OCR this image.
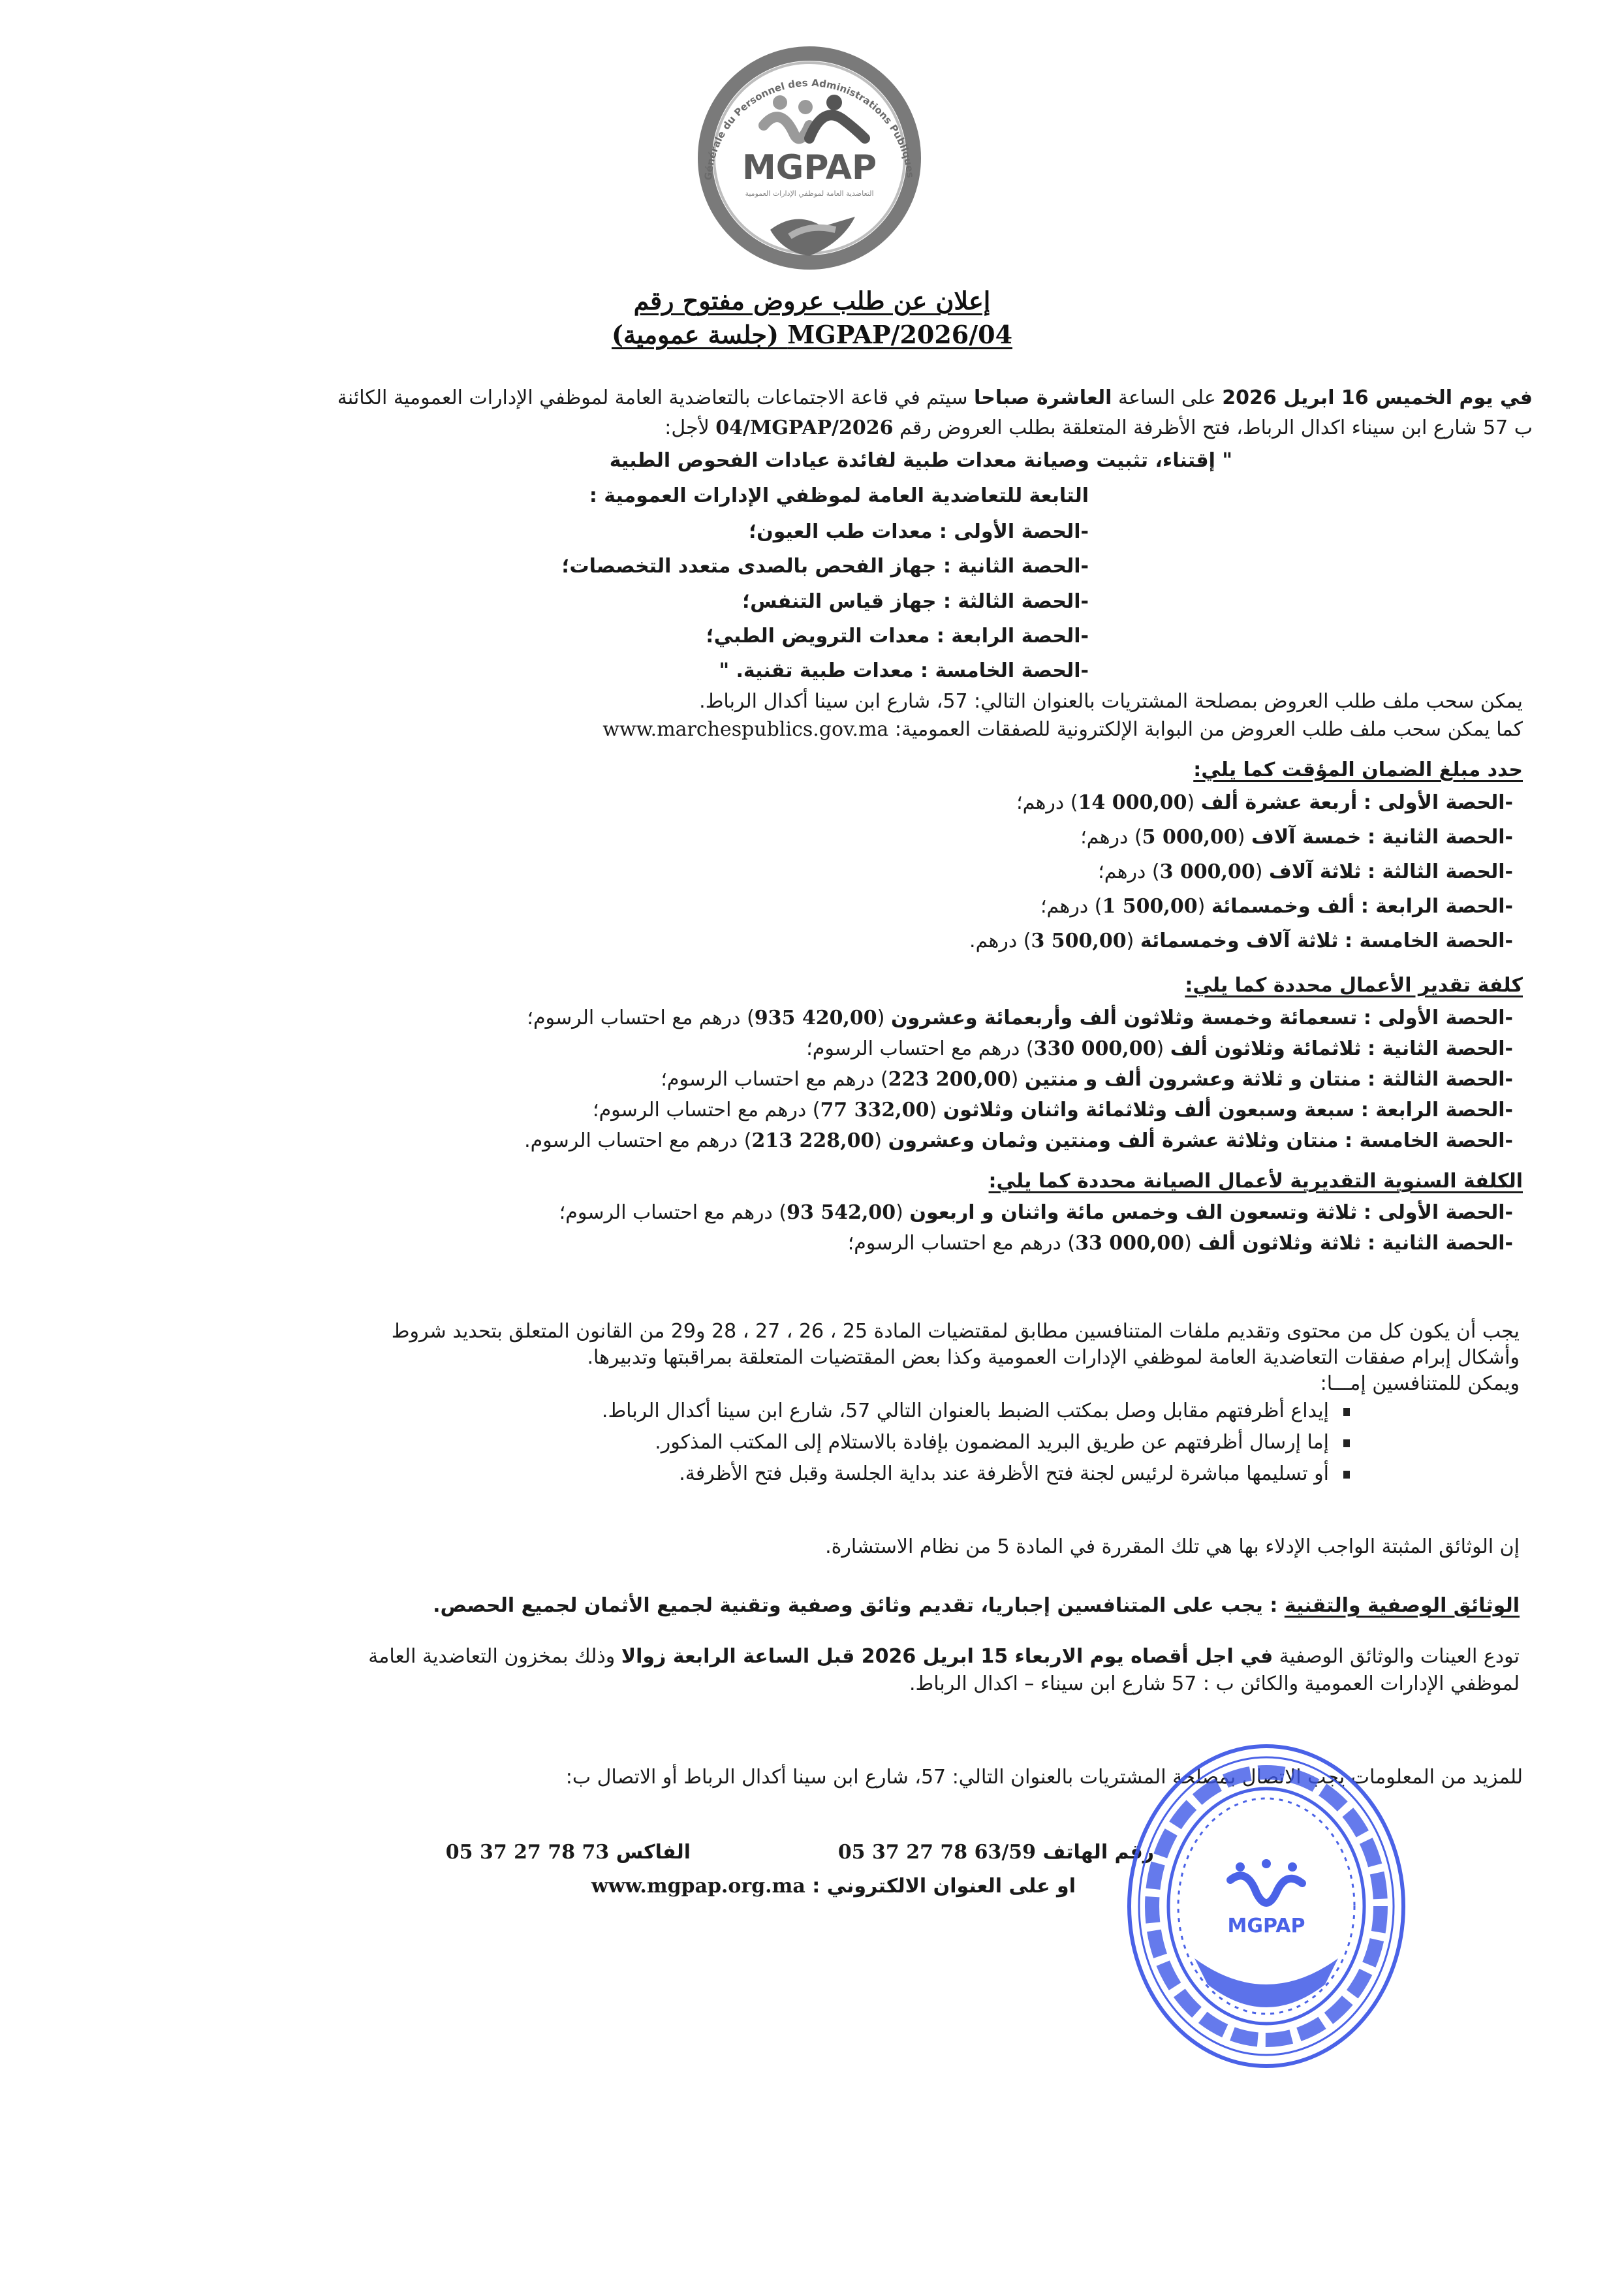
Générale du Personnel des Administrations Publiques
MGPAP
التعاضدية العامة لموظفي الإدارات العمومية
إعلان عن طلب عروض مفتوح رقم
04/MGPAP/2026 (جلسة عمومية)
في يوم الخميس 16 ابريل 2026 على الساعة العاشرة صباحا سيتم في قاعة الاجتماعات بالتعاضدية العامة لموظفي الإدارات العمومية الكائنة
ب 57 شارع ابن سيناء اكدال الرباط، فتح الأظرفة المتعلقة بطلب العروض رقم 04/MGPAP/2026 لأجل:
" إقتناء، تثبيت وصيانة معدات طبية لفائدة عيادات الفحوص الطبية
التابعة للتعاضدية العامة لموظفي الإدارات العمومية :
-الحصة الأولى : معدات طب العيون؛
-الحصة الثانية : جهاز الفحص بالصدى متعدد التخصصات؛
-الحصة الثالثة : جهاز قياس التنفس؛
-الحصة الرابعة : معدات الترويض الطبي؛
-الحصة الخامسة : معدات طبية تقنية. "
يمكن سحب ملف طلب العروض بمصلحة المشتريات بالعنوان التالي: 57، شارع ابن سينا أكدال الرباط.
كما يمكن سحب ملف طلب العروض من البوابة الإلكترونية للصفقات العمومية: www.marchespublics.gov.ma
حدد مبلغ الضمان المؤقت كما يلي:
-الحصة الأولى : أربعة عشرة ألف (14 000,00) درهم؛
-الحصة الثانية : خمسة آلاف (5 000,00) درهم؛
-الحصة الثالثة : ثلاثة آلاف (3 000,00) درهم؛
-الحصة الرابعة : ألف وخمسمائة (1 500,00) درهم؛
-الحصة الخامسة : ثلاثة آلاف وخمسمائة (3 500,00) درهم.
كلفة تقدير الأعمال محددة كما يلي:
-الحصة الأولى : تسعمائة وخمسة وثلاثون ألف وأربعمائة وعشرون (935 420,00) درهم مع احتساب الرسوم؛
-الحصة الثانية : ثلاثمائة وثلاثون ألف (330 000,00) درهم مع احتساب الرسوم؛
-الحصة الثالثة : منتان و ثلاثة وعشرون ألف و منتين (223 200,00) درهم مع احتساب الرسوم؛
-الحصة الرابعة : سبعة وسبعون ألف وثلاثمائة واثنان وثلاثون (77 332,00) درهم مع احتساب الرسوم؛
-الحصة الخامسة : منتان وثلاثة عشرة ألف ومنتين وثمان وعشرون (213 228,00) درهم مع احتساب الرسوم.
الكلفة السنوية التقديرية لأعمال الصيانة محددة كما يلي:
-الحصة الأولى : ثلاثة وتسعون الف وخمس مائة واثنان و اربعون (93 542,00) درهم مع احتساب الرسوم؛
-الحصة الثانية : ثلاثة وثلاثون ألف (33 000,00) درهم مع احتساب الرسوم؛
يجب أن يكون كل من محتوى وتقديم ملفات المتنافسين مطابق لمقتضيات المادة 25 ، 26 ، 27 ، 28 و29 من القانون المتعلق بتحديد شروط
وأشكال إبرام صفقات التعاضدية العامة لموظفي الإدارات العمومية وكذا بعض المقتضيات المتعلقة بمراقبتها وتدبيرها.
ويمكن للمتنافسين إمـــا:
إيداع أظرفتهم مقابل وصل بمكتب الضبط بالعنوان التالي 57، شارع ابن سينا أكدال الرباط.
إما إرسال أظرفتهم عن طريق البريد المضمون بإفادة بالاستلام إلى المكتب المذكور.
أو تسليمها مباشرة لرئيس لجنة فتح الأظرفة عند بداية الجلسة وقبل فتح الأظرفة.
إن الوثائق المثبتة الواجب الإدلاء بها هي تلك المقررة في المادة 5 من نظام الاستشارة.
الوثائق الوصفية والتقنية : يجب على المتنافسين إجباريا، تقديم وثائق وصفية وتقنية لجميع الأثمان لجميع الحصص.
تودع العينات والوثائق الوصفية في اجل أقصاه يوم الاربعاء 15 ابريل 2026 قبل الساعة الرابعة زوالا وذلك بمخزون التعاضدية العامة
لموظفي الإدارات العمومية والكائن ب : 57 شارع ابن سيناء – اكدال الرباط.
للمزيد من المعلومات يجب الاتصال بمصلحة المشتريات بالعنوان التالي: 57، شارع ابن سينا أكدال الرباط أو الاتصال ب:
رقم الهاتف 05 37 27 78 63/59
الفاكس 05 37 27 78 73
او على العنوان الالكتروني : www.mgpap.org.ma
MGPAP
